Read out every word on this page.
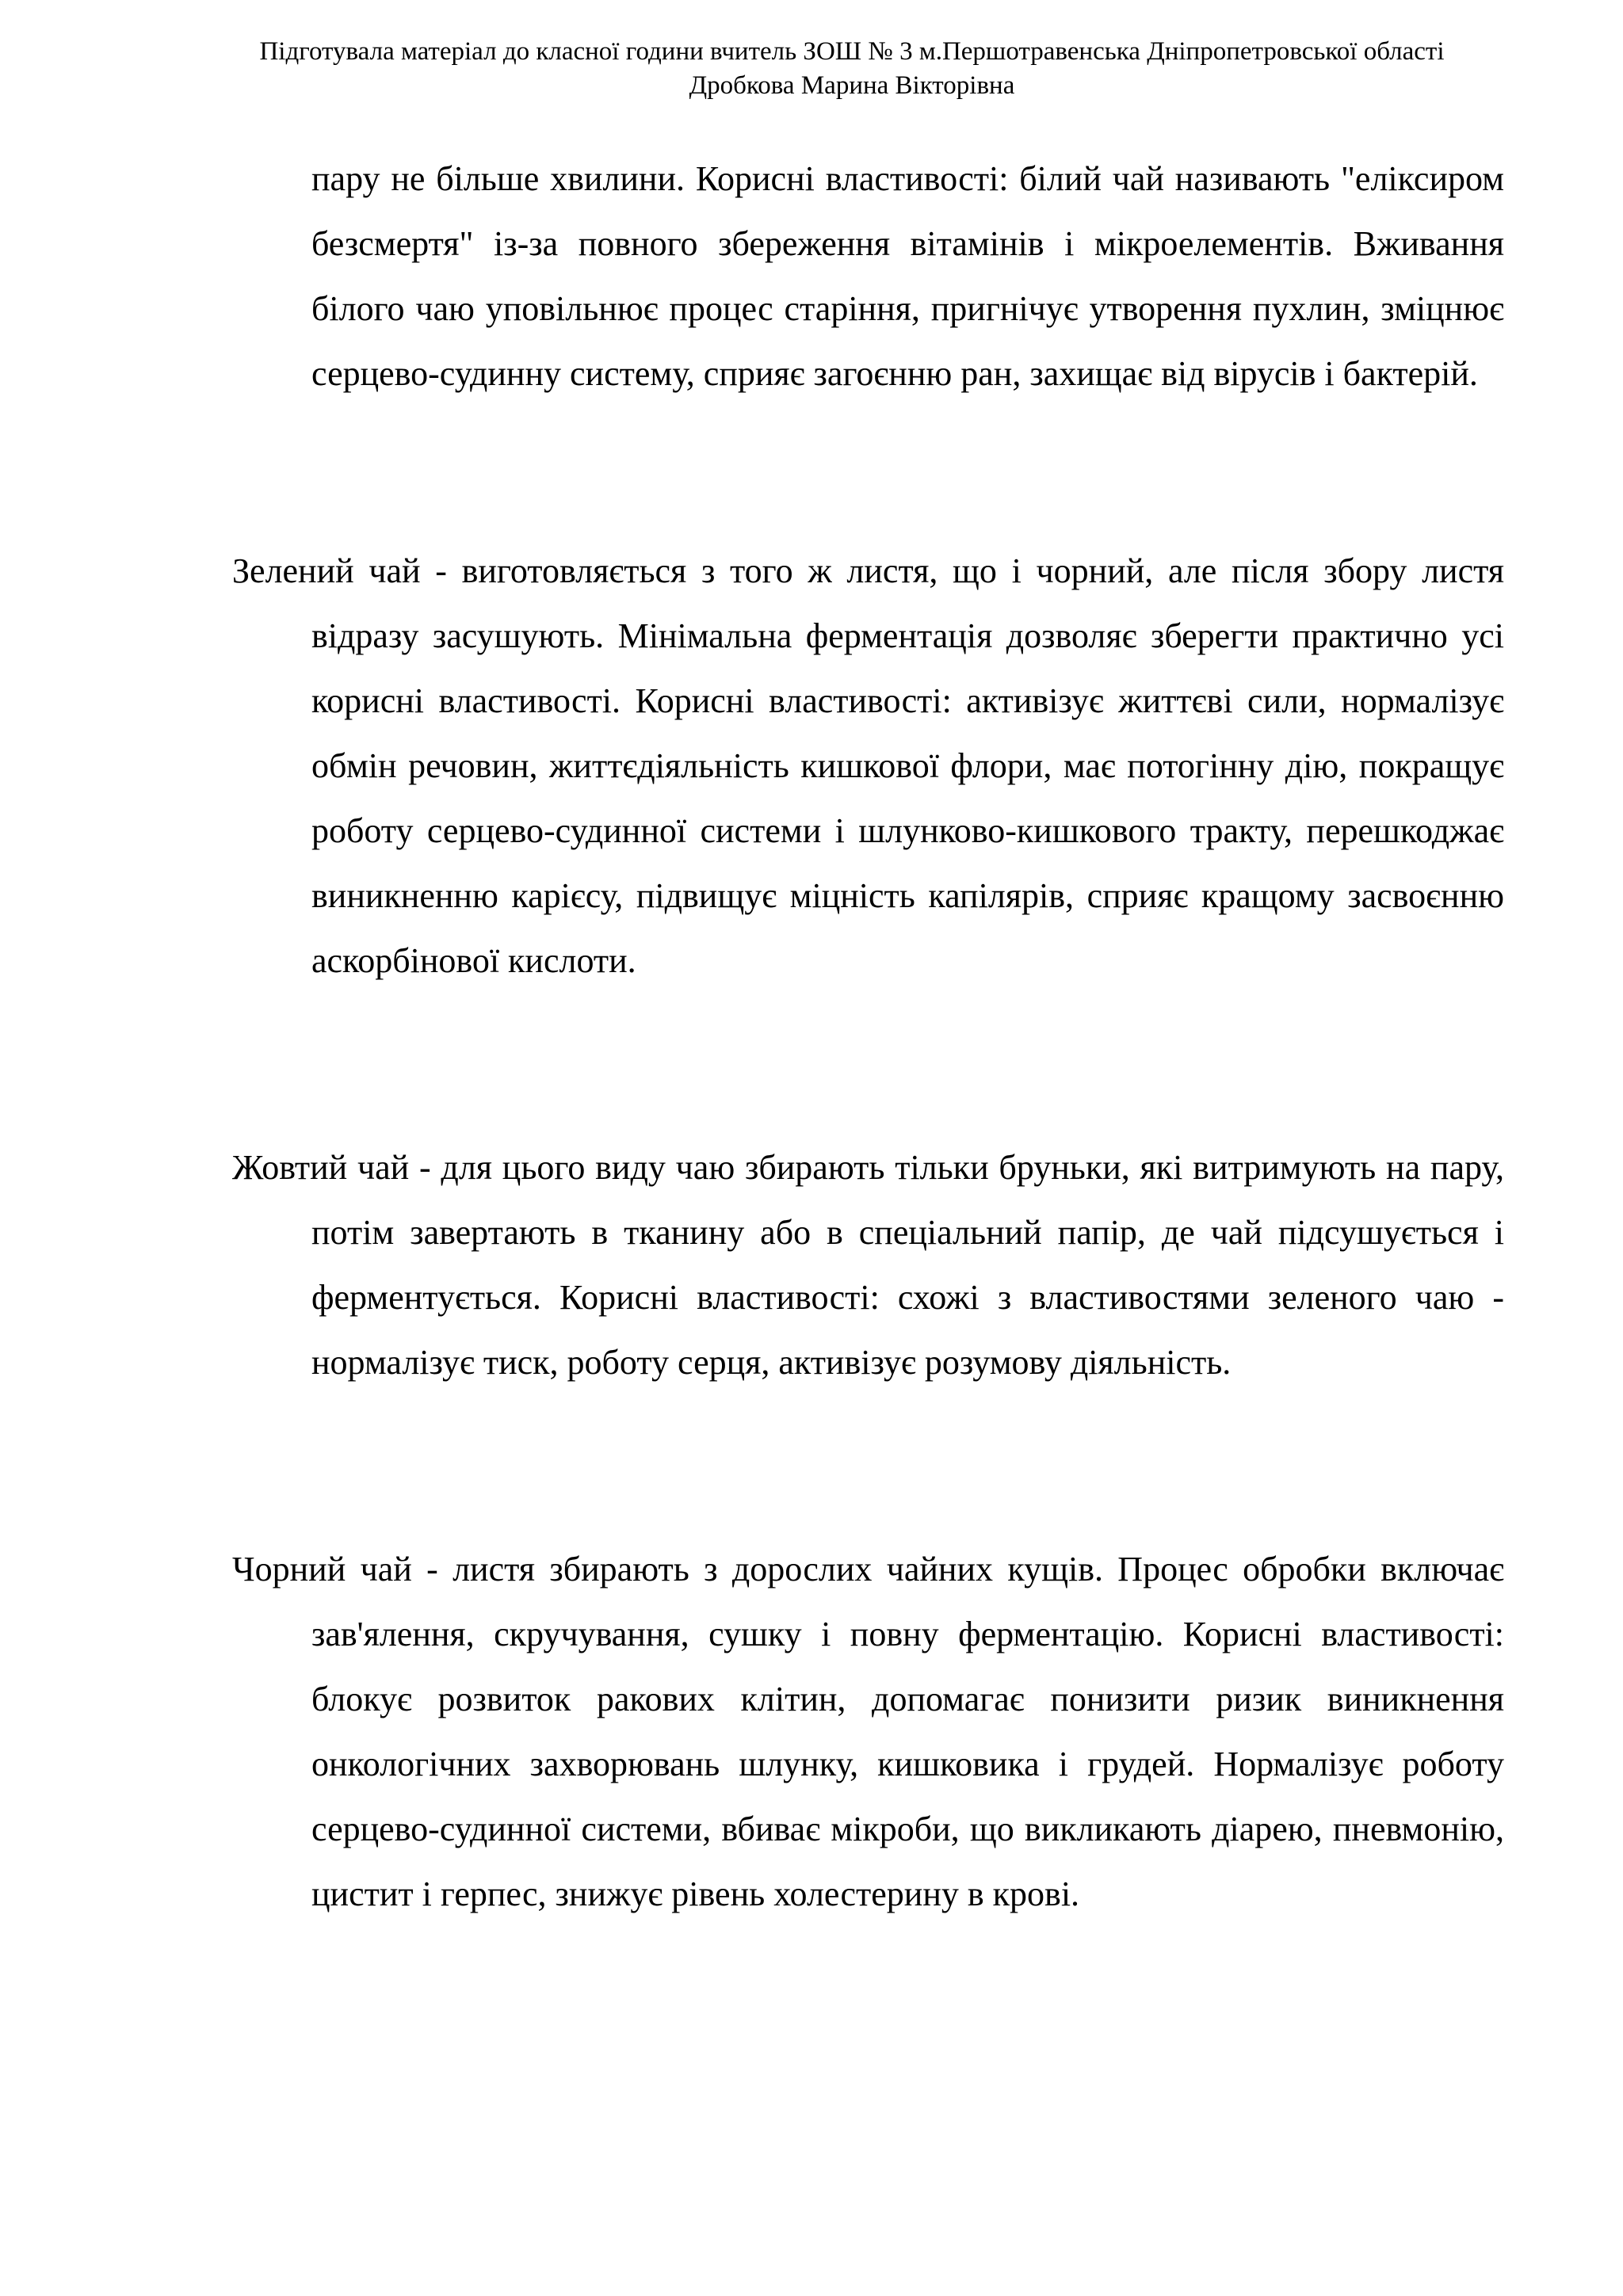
Підготувала матеріал до класної години вчитель ЗОШ № 3 м.Першотравенська Дніпропетровської області
Дробкова Марина Вікторівна

пару не більше хвилини. Корисні властивості: білий чай називають "еліксиром безсмертя" із-за повного збереження вітамінів і мікроелементів. Вживання білого чаю уповільнює процес старіння, пригнічує утворення пухлин, зміцнює серцево-судинну систему, сприяє загоєнню ран, захищає від вірусів і бактерій.

Зелений чай - виготовляється з того ж листя, що і чорний, але після збору листя відразу засушують. Мінімальна ферментація дозволяє зберегти практично усі корисні властивості. Корисні властивості: активізує життєві сили, нормалізує обмін речовин, життєдіяльність кишкової флори, має потогінну дію, покращує роботу серцево-судинної системи і шлунково-кишкового тракту, перешкоджає виникненню карієсу, підвищує міцність капілярів, сприяє кращому засвоєнню аскорбінової кислоти.

Жовтий чай - для цього виду чаю збирають тільки бруньки, які витримують на пару, потім завертають в тканину або в спеціальний папір, де чай підсушується і ферментується. Корисні властивості: схожі з властивостями зеленого чаю - нормалізує тиск, роботу серця, активізує розумову діяльність.

Чорний чай - листя збирають з дорослих чайних кущів. Процес обробки включає зав'ялення, скручування, сушку і повну ферментацію. Корисні властивості: блокує розвиток ракових клітин, допомагає понизити ризик виникнення онкологічних захворювань шлунку, кишковика і грудей. Нормалізує роботу серцево-судинної системи, вбиває мікроби, що викликають діарею, пневмонію, цистит і герпес, знижує рівень холестерину в крові.
